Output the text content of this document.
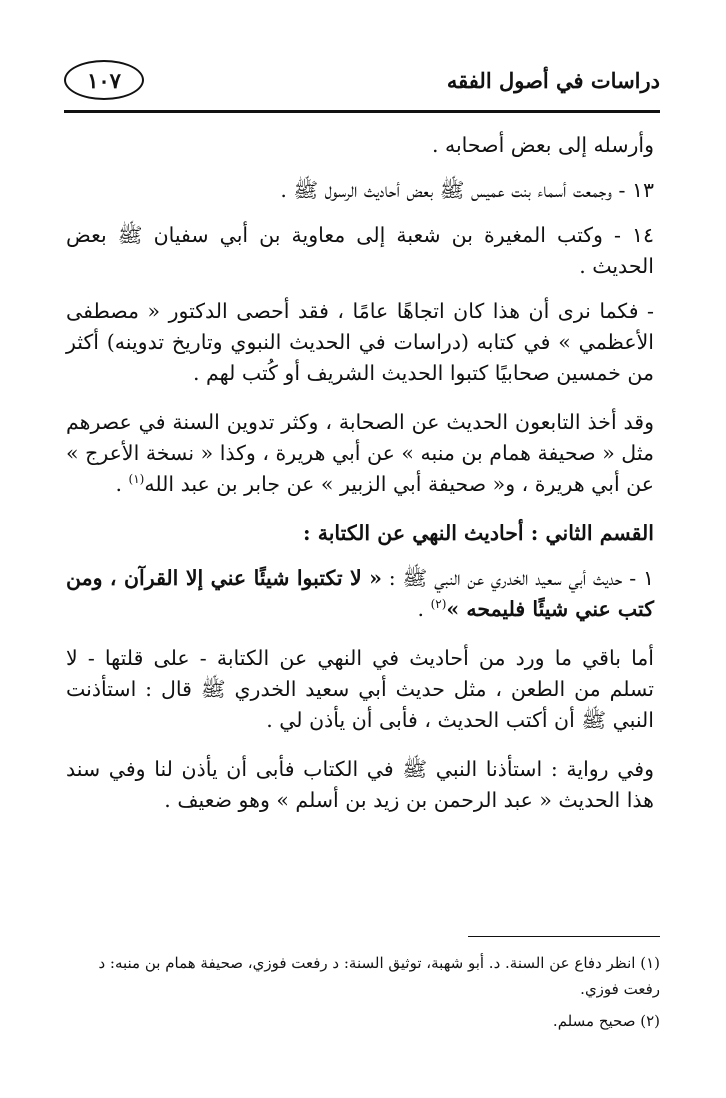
دراسات في أصول الفقه
١٠٧

وأرسله إلى بعض أصحابه .

١٣ - وجمعت أسماء بنت عميس ﷺ بعض أحاديث الرسول ﷺ .

١٤ - وكتب المغيرة بن شعبة إلى معاوية بن أبي سفيان ﷺ بعض الحديث .

- فكما نرى أن هذا كان اتجاهًا عامًا ، فقد أحصى الدكتور « مصطفى الأعظمي » في كتابه (دراسات في الحديث النبوي وتاريخ تدوينه) أكثر من خمسين صحابيًا كتبوا الحديث الشريف أو كُتب لهم .

وقد أخذ التابعون الحديث عن الصحابة ، وكثر تدوين السنة في عصرهم مثل « صحيفة همام بن منبه » عن أبي هريرة ، وكذا « نسخة الأعرج » عن أبي هريرة ، و« صحيفة أبي الزبير » عن جابر بن عبد الله$^{(١)}$ .

القسم الثاني : أحاديث النهي عن الكتابة :

١ - حديث أبي سعيد الخدري عن النبي ﷺ : « لا تكتبوا شيئًا عني إلا القرآن ، ومن كتب عني شيئًا فليمحه »$^{(٢)}$ .

أما باقي ما ورد من أحاديث في النهي عن الكتابة - على قلتها - لا تسلم من الطعن ، مثل حديث أبي سعيد الخدري ﷺ قال : استأذنت النبي ﷺ أن أكتب الحديث ، فأبى أن يأذن لي .

وفي رواية : استأذنا النبي ﷺ في الكتاب فأبى أن يأذن لنا وفي سند هذا الحديث « عبد الرحمن بن زيد بن أسلم » وهو ضعيف .

(١) انظر دفاع عن السنة. د. أبو شهبة، توثيق السنة: د رفعت فوزي، صحيفة همام بن منبه: د رفعت فوزي.
(٢) صحيح مسلم.
